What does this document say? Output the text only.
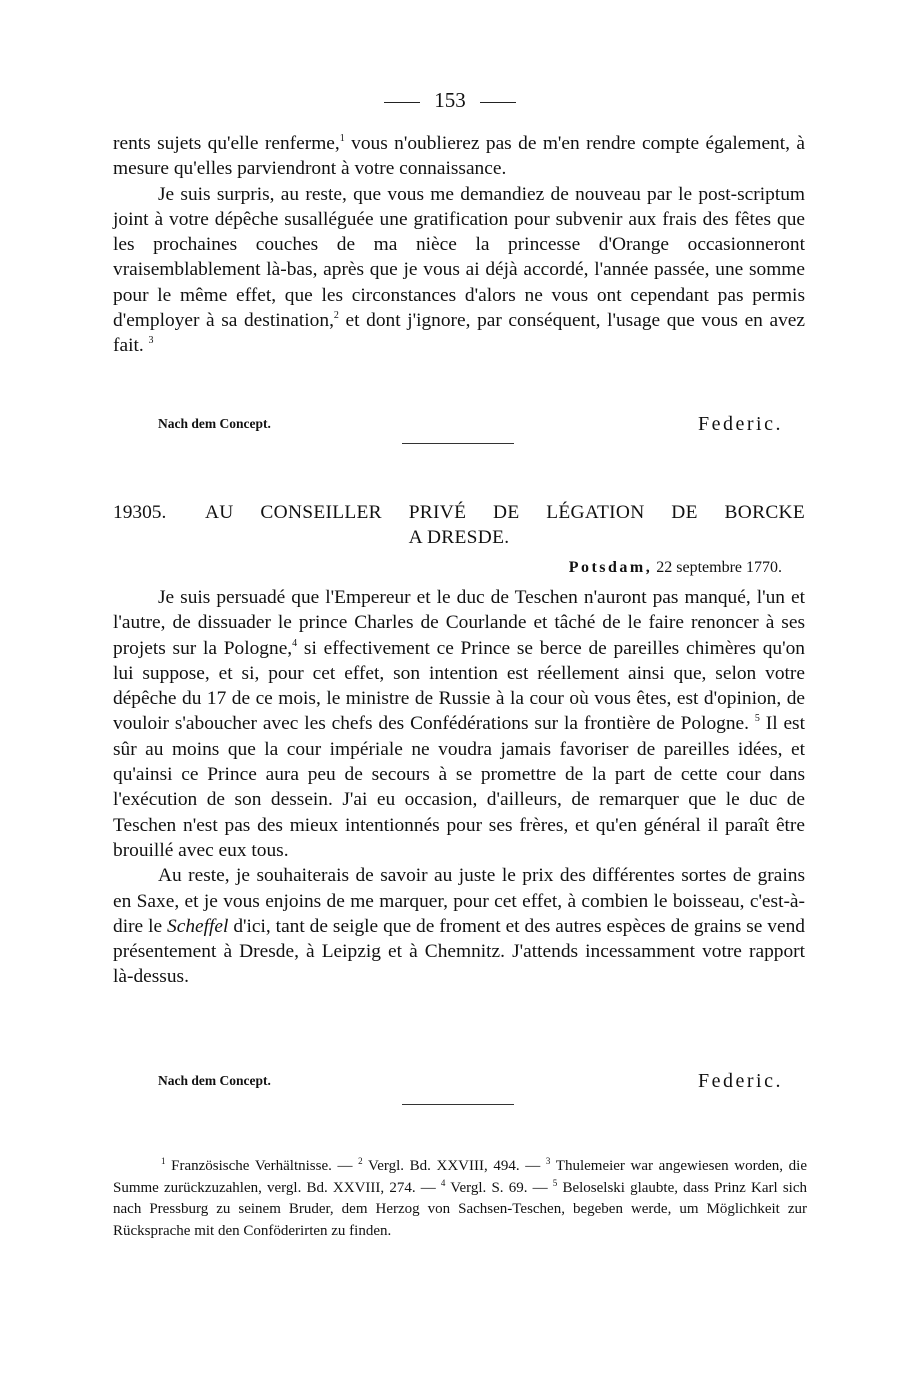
153

rents sujets qu'elle renferme,$^1$ vous n'oublierez pas de m'en rendre compte également, à mesure qu'elles parviendront à votre connaissance.

Je suis surpris, au reste, que vous me demandiez de nouveau par le post-scriptum joint à votre dépêche susalléguée une gratification pour subvenir aux frais des fêtes que les prochaines couches de ma nièce la princesse d'Orange occasionneront vraisemblablement là-bas, après que je vous ai déjà accordé, l'année passée, une somme pour le même effet, que les circonstances d'alors ne vous ont cependant pas permis d'employer à sa destination,$^2$ et dont j'ignore, par conséquent, l'usage que vous en avez fait. $^3$

Nach dem Concept.	Federic.
19305. AU CONSEILLER PRIVÉ DE LÉGATION DE BORCKE
A DRESDE.
Potsdam, 22 septembre 1770.

Je suis persuadé que l'Empereur et le duc de Teschen n'auront pas manqué, l'un et l'autre, de dissuader le prince Charles de Courlande et tâché de le faire renoncer à ses projets sur la Pologne,$^4$ si effectivement ce Prince se berce de pareilles chimères qu'on lui suppose, et si, pour cet effet, son intention est réellement ainsi que, selon votre dépêche du 17 de ce mois, le ministre de Russie à la cour où vous êtes, est d'opinion, de vouloir s'aboucher avec les chefs des Confédérations sur la frontière de Pologne. $^5$ Il est sûr au moins que la cour impériale ne voudra jamais favoriser de pareilles idées, et qu'ainsi ce Prince aura peu de secours à se promettre de la part de cette cour dans l'exécution de son dessein. J'ai eu occasion, d'ailleurs, de remarquer que le duc de Teschen n'est pas des mieux intentionnés pour ses frères, et qu'en général il paraît être brouillé avec eux tous.

Au reste, je souhaiterais de savoir au juste le prix des différentes sortes de grains en Saxe, et je vous enjoins de me marquer, pour cet effet, à combien le boisseau, c'est-à-dire le Scheffel d'ici, tant de seigle que de froment et des autres espèces de grains se vend présentement à Dresde, à Leipzig et à Chemnitz. J'attends incessamment votre rapport là-dessus.

Nach dem Concept.	Federic.

$^1$ Französische Verhältnisse. — $^2$ Vergl. Bd. XXVIII, 494. — $^3$ Thulemeier war angewiesen worden, die Summe zurückzuzahlen, vergl. Bd. XXVIII, 274. — $^4$ Vergl. S. 69. — $^5$ Beloselski glaubte, dass Prinz Karl sich nach Pressburg zu seinem Bruder, dem Herzog von Sachsen-Teschen, begeben werde, um Möglichkeit zur Rücksprache mit den Conföderirten zu finden.
